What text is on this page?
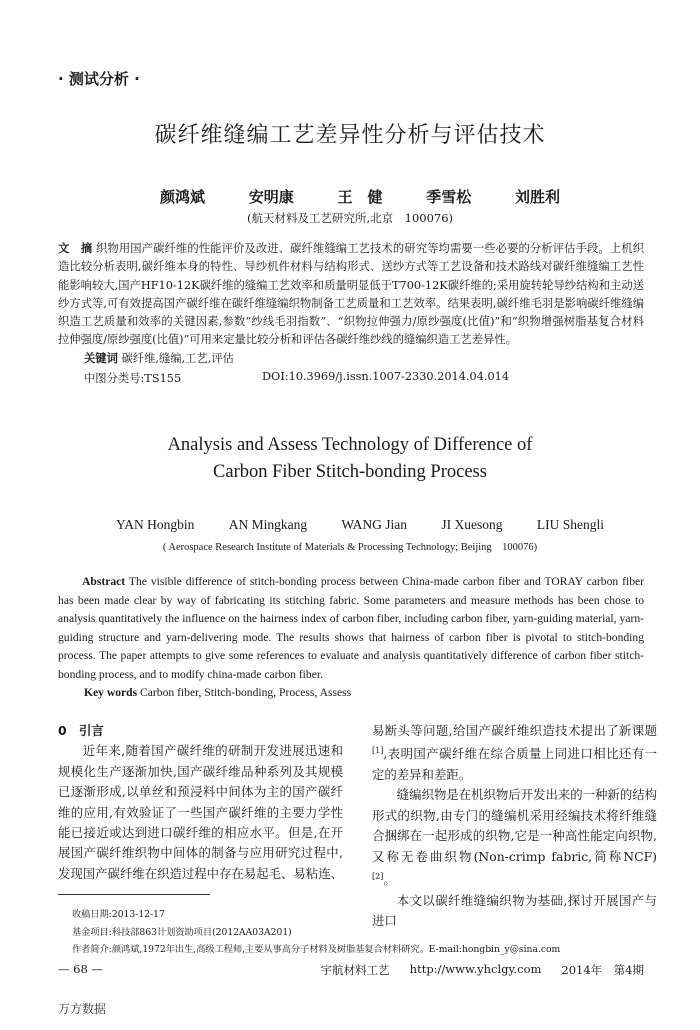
· 测试分析 ·
碳纤维缝编工艺差异性分析与评估技术
颜鸿斌	安明康	王　健	季雪松	刘胜利
(航天材料及工艺研究所,北京　100076)
文　摘 织物用国产碳纤维的性能评价及改进、碳纤维缝编工艺技术的研究等均需要一些必要的分析评估手段。上机织造比较分析表明,碳纤维本身的特性、导纱机件材料与结构形式、送纱方式等工艺设备和技术路线对碳纤维缝编工艺性能影响较大,国产HF10-12K碳纤维的缝编工艺效率和质量明显低于T700-12K碳纤维的;采用旋转轮导纱结构和主动送纱方式等,可有效提高国产碳纤维在碳纤维缝编织物制备工艺质量和工艺效率。结果表明,碳纤维毛羽是影响碳纤维缝编织造工艺质量和效率的关键因素,参数“纱线毛羽指数”、“织物拉伸强力/原纱强度(比值)”和“织物增强树脂基复合材料拉伸强度/原纱强度(比值)”可用来定量比较分析和评估各碳纤维纱线的缝编织造工艺差异性。
关键词 碳纤维,缝编,工艺,评估
中图分类号:TS155	DOI:10.3969/j.issn.1007-2330.2014.04.014
Analysis and Assess Technology of Difference of
Carbon Fiber Stitch-bonding Process
YAN Hongbin	AN Mingkang	WANG Jian	JI Xuesong	LIU Shengli
( Aerospace Research Institute of Materials & Processing Technology; Beijing　100076)
Abstract The visible difference of stitch-bonding process between China-made carbon fiber and TORAY carbon fiber has been made clear by way of fabricating its stitching fabric. Some parameters and measure methods has been chose to analysis quantitatively the influence on the hairness index of carbon fiber, including carbon fiber, yarn-guiding material, yarn-guiding structure and yarn-delivering mode. The results shows that hairness of carbon fiber is pivotal to stitch-bonding process. The paper attempts to give some references to evaluate and analysis quantitatively difference of carbon fiber stitch-bonding process, and to modify china-made carbon fiber.
Key words Carbon fiber, Stitch-bonding, Process, Assess
0　引言
近年来,随着国产碳纤维的研制开发进展迅速和规模化生产逐渐加快,国产碳纤维品种系列及其规模已逐渐形成,以单丝和预浸料中间体为主的国产碳纤维的应用,有效验证了一些国产碳纤维的主要力学性能已接近或达到进口碳纤维的相应水平。但是,在开展国产碳纤维织物中间体的制备与应用研究过程中,发现国产碳纤维在织造过程中存在易起毛、易粘连、
易断头等问题,给国产碳纤维织造技术提出了新课题[1],表明国产碳纤维在综合质量上同进口相比还有一定的差异和差距。
缝编织物是在机织物后开发出来的一种新的结构形式的织物,由专门的缝编机采用经编技术将纤维缝合捆绑在一起形成的织物,它是一种高性能定向织物,又称无卷曲织物(Non-crimp fabric,简称NCF)[2]。
本文以碳纤维缝编织物为基础,探讨开展国产与进口
收稿日期:2013-12-17
基金项目:科技部863计划资助项目(2012AA03A201)
作者简介:颜鸿斌,1972年出生,高级工程师,主要从事高分子材料及树脂基复合材料研究。E-mail:hongbin_y@sina.com
— 68 —	宇航材料工艺 http://www.yhclgy.com 2014年　第4期
万方数据
